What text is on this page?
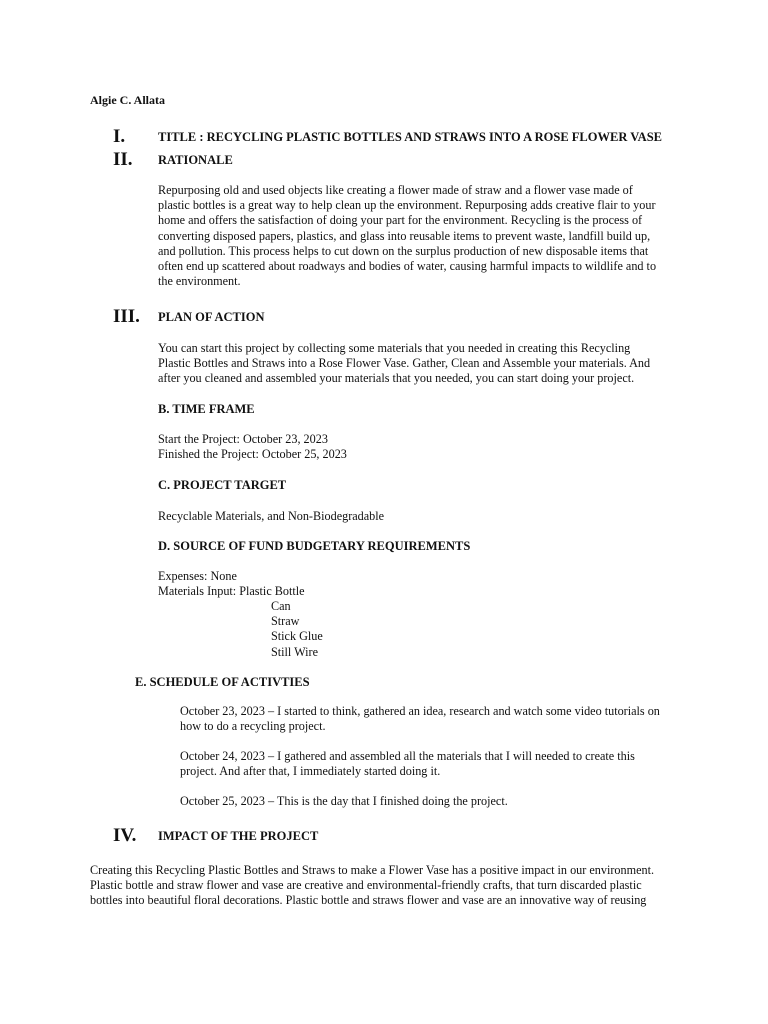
Algie C. Allata
I.	TITLE : RECYCLING PLASTIC BOTTLES AND STRAWS INTO A ROSE FLOWER VASE
II. RATIONALE
Repurposing old and used objects like creating a flower made of straw and a flower vase made of
plastic bottles is a great way to help clean up the environment. Repurposing adds creative flair to your
home and offers the satisfaction of doing your part for the environment. Recycling is the process of
converting disposed papers, plastics, and glass into reusable items to prevent waste, landfill build up,
and pollution. This process helps to cut down on the surplus production of new disposable items that
often end up scattered about roadways and bodies of water, causing harmful impacts to wildlife and to
the environment.
III. PLAN OF ACTION
You can start this project by collecting some materials that you needed in creating this Recycling
Plastic Bottles and Straws into a Rose Flower Vase. Gather, Clean and Assemble your materials. And
after you cleaned and assembled your materials that you needed, you can start doing your project.
B. TIME FRAME
Start the Project: October 23, 2023
Finished the Project: October 25, 2023
C. PROJECT TARGET
Recyclable Materials, and Non-Biodegradable
D. SOURCE OF FUND BUDGETARY REQUIREMENTS
Expenses: None
Materials Input: Plastic Bottle
Can
Straw
Stick Glue
Still Wire
E. SCHEDULE OF ACTIVTIES
October 23, 2023 – I started to think, gathered an idea, research and watch some video tutorials on
how to do a recycling project.
October 24, 2023 – I gathered and assembled all the materials that I will needed to create this
project. And after that, I immediately started doing it.
October 25, 2023 – This is the day that I finished doing the project.
IV. IMPACT OF THE PROJECT
Creating this Recycling Plastic Bottles and Straws to make a Flower Vase has a positive impact in our environment.
Plastic bottle and straw flower and vase are creative and environmental-friendly crafts, that turn discarded plastic
bottles into beautiful floral decorations. Plastic bottle and straws flower and vase are an innovative way of reusing
